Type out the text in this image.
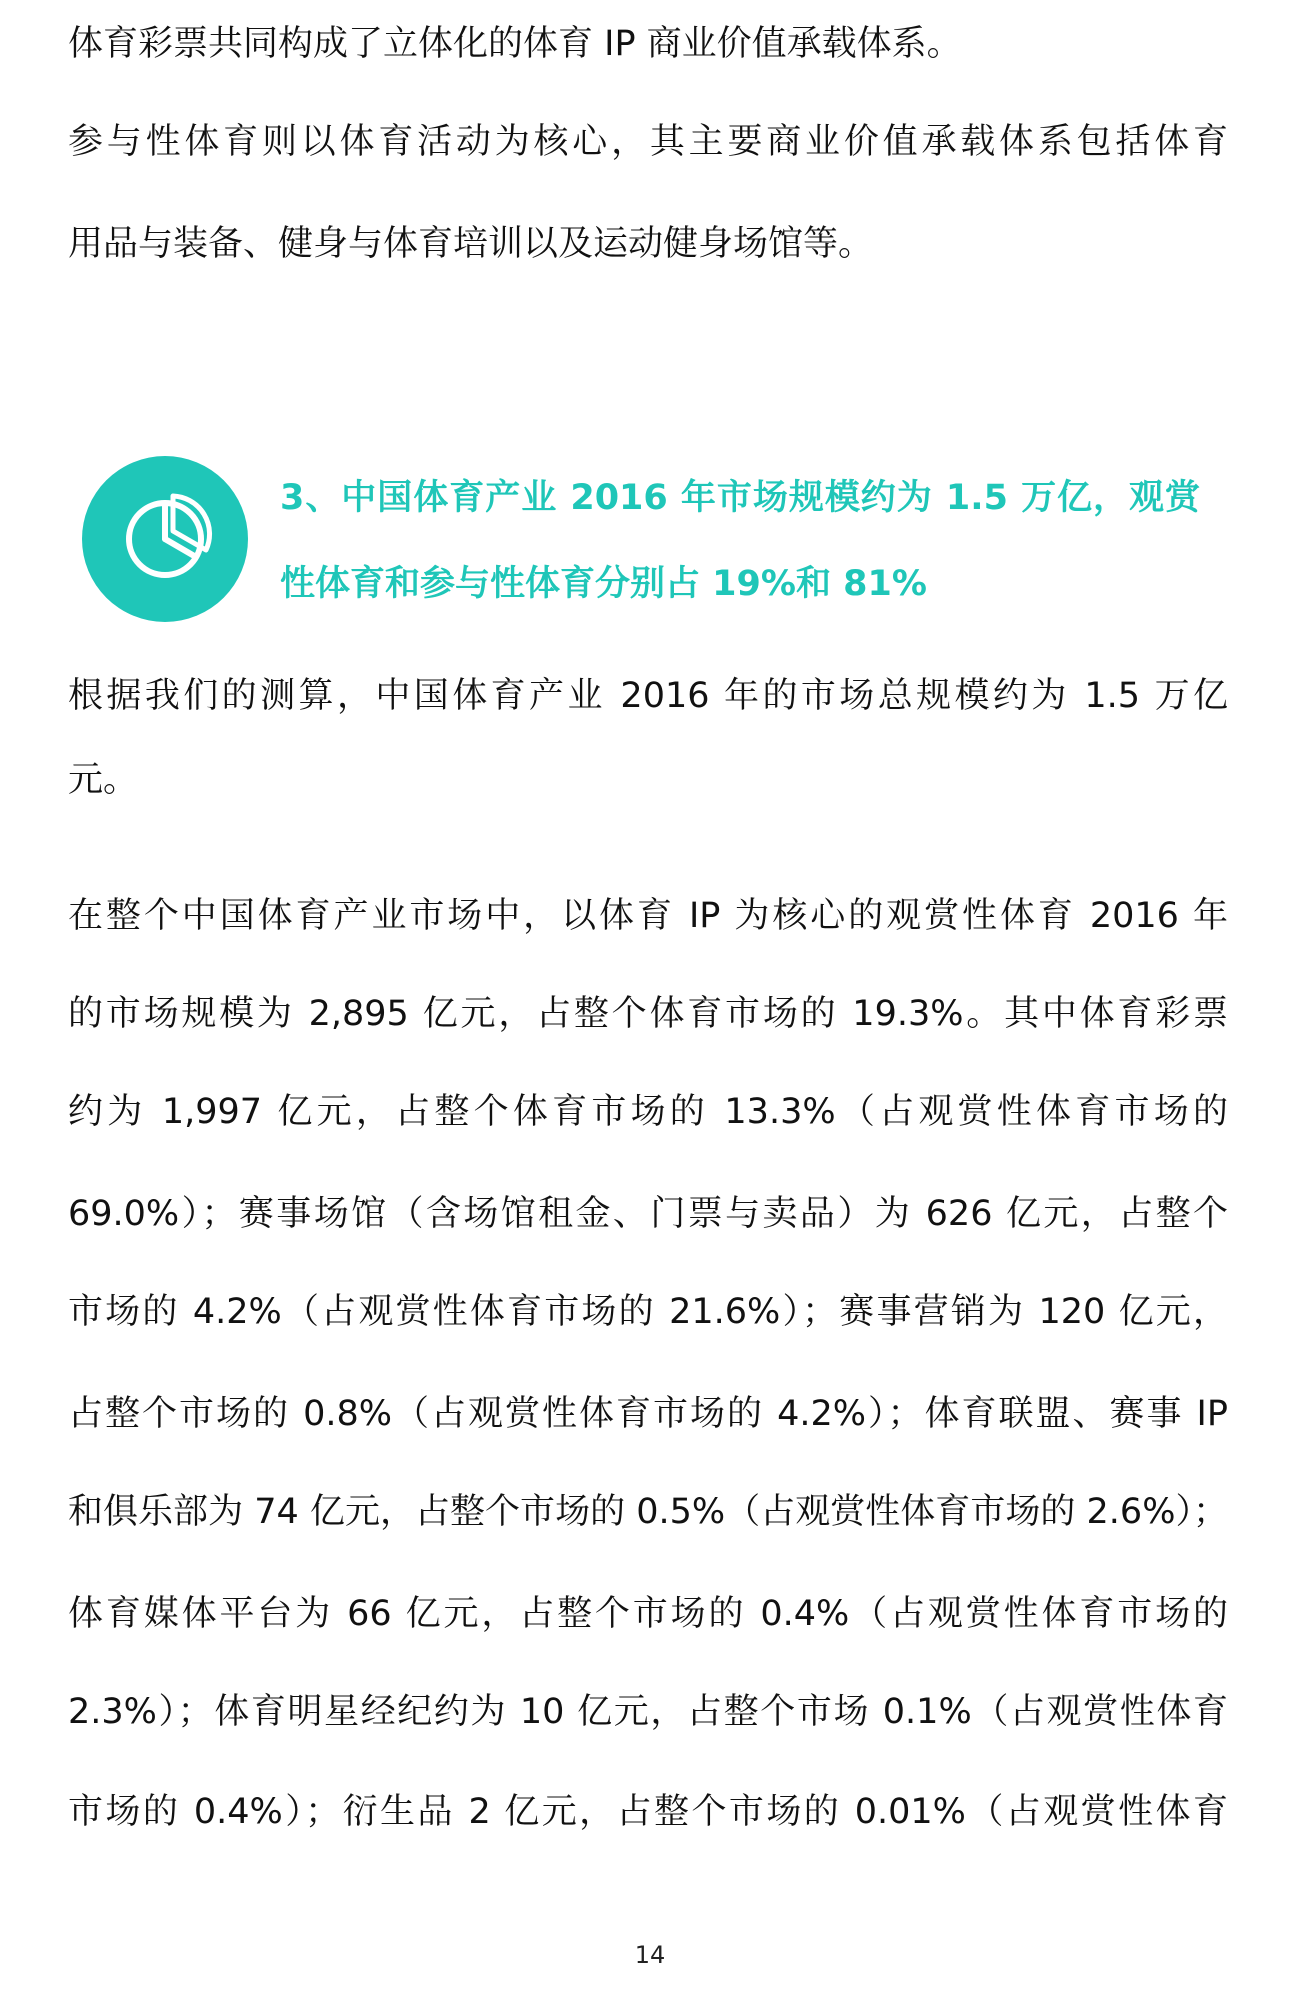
体育彩票共同构成了立体化的体育 IP 商业价值承载体系。
参与性体育则以体育活动为核心，其主要商业价值承载体系包括体育
用品与装备、健身与体育培训以及运动健身场馆等。
3、中国体育产业 2016 年市场规模约为 1.5 万亿，观赏
性体育和参与性体育分别占 19%和 81%
根据我们的测算，中国体育产业 2016 年的市场总规模约为 1.5 万亿
元。
在整个中国体育产业市场中，以体育 IP 为核心的观赏性体育 2016 年
的市场规模为 2,895 亿元，占整个体育市场的 19.3%。其中体育彩票
约为 1,997 亿元，占整个体育市场的 13.3%（占观赏性体育市场的
69.0%）；赛事场馆（含场馆租金、门票与卖品）为 626 亿元，占整个
市场的 4.2%（占观赏性体育市场的 21.6%）；赛事营销为 120 亿元，
占整个市场的 0.8%（占观赏性体育市场的 4.2%）；体育联盟、赛事 IP
和俱乐部为 74 亿元，占整个市场的 0.5%（占观赏性体育市场的 2.6%）；
体育媒体平台为 66 亿元，占整个市场的 0.4%（占观赏性体育市场的
2.3%）；体育明星经纪约为 10 亿元，占整个市场 0.1%（占观赏性体育
市场的 0.4%）；衍生品 2 亿元，占整个市场的 0.01%（占观赏性体育
14
